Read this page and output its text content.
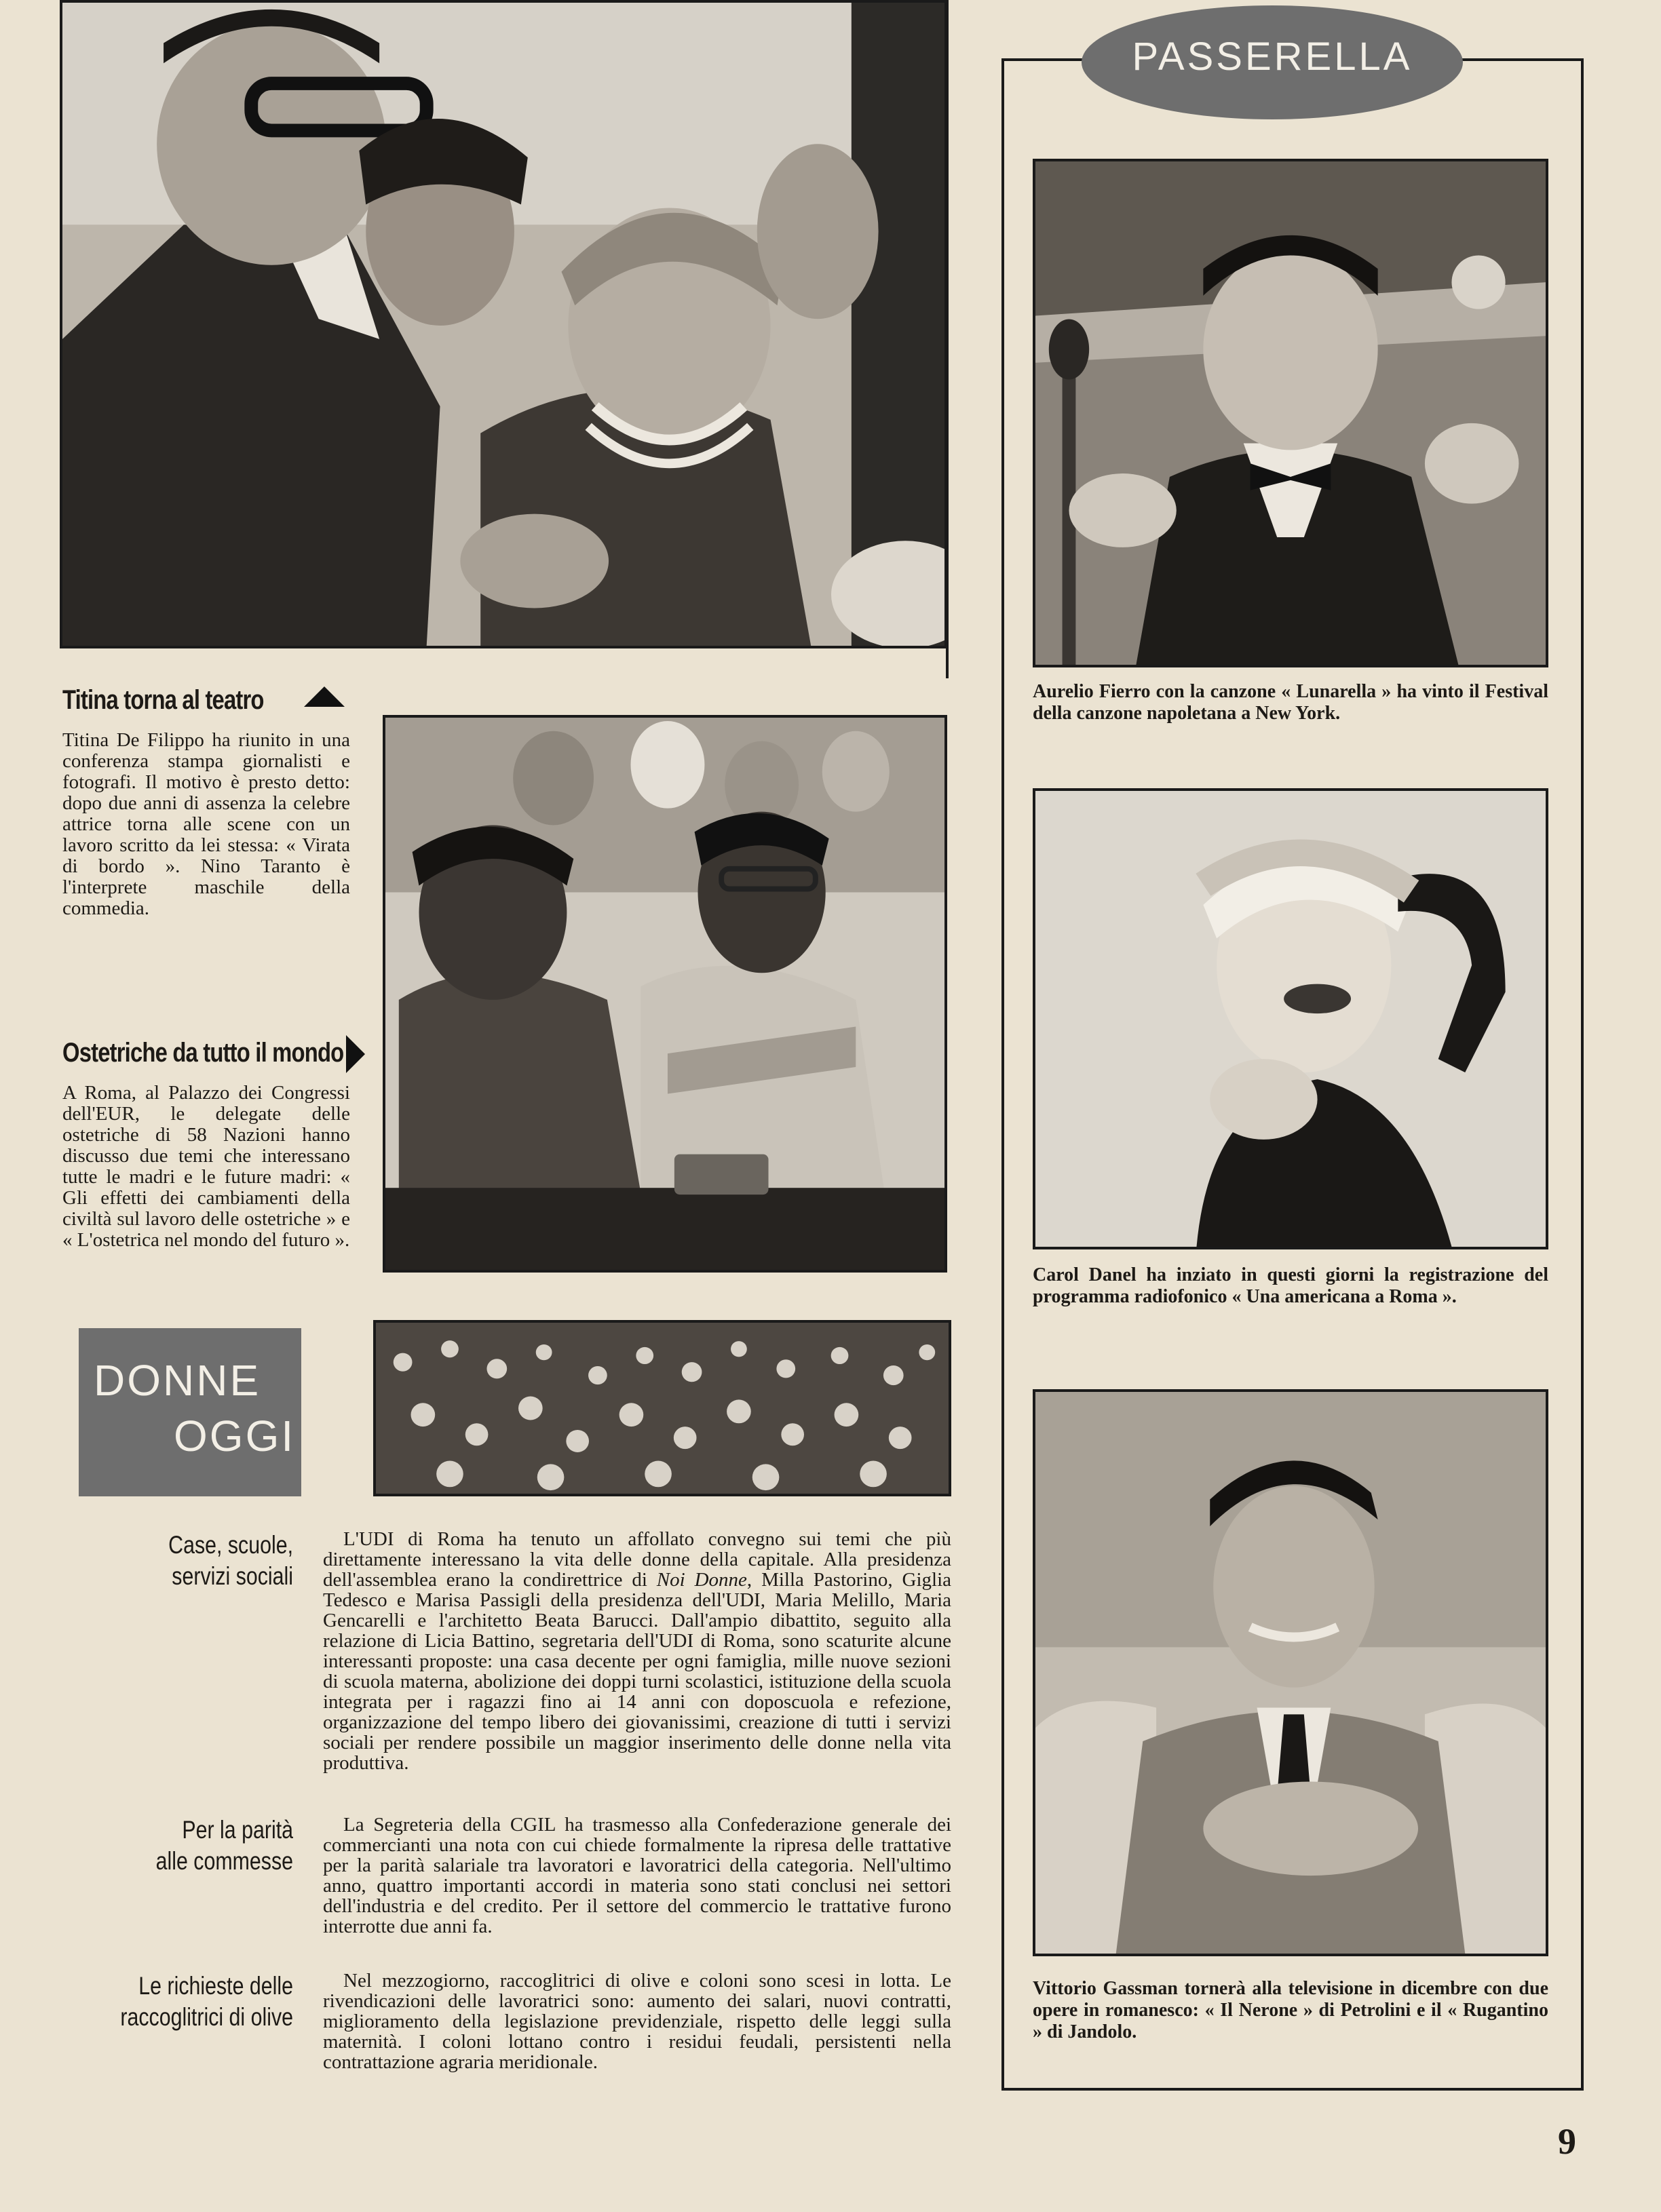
Titina torna al teatro
Titina De Filippo ha riunito in una conferenza stampa giornalisti e fotografi. Il motivo è presto detto: dopo due anni di assenza la celebre attrice torna alle scene con un lavoro scritto da lei stessa: « Virata di bordo ». Nino Taranto è l'interprete maschile della commedia.
Ostetriche da tutto il mondo
A Roma, al Palazzo dei Congressi dell'EUR, le delegate delle ostetriche di 58 Nazioni hanno discusso due temi che interessano tutte le madri e le future madri: « Gli effetti dei cambiamenti della civiltà sul lavoro delle ostetriche » e « L'ostetrica nel mondo del futuro ».
DONNE
OGGI
Case, scuole,
servizi sociali
Per la parità
alle commesse
Le richieste delle
raccoglitrici di olive
L'UDI di Roma ha tenuto un affollato convegno sui temi che più direttamente interessano la vita delle donne della capitale. Alla presidenza dell'assemblea erano la condirettrice di Noi Donne, Milla Pastorino, Giglia Tedesco e Marisa Passigli della presidenza dell'UDI, Maria Melillo, Maria Gencarelli e l'architetto Beata Barucci. Dall'ampio dibattito, seguito alla relazione di Licia Battino, segretaria dell'UDI di Roma, sono scaturite alcune interessanti proposte: una casa decente per ogni famiglia, mille nuove sezioni di scuola materna, abolizione dei doppi turni scolastici, istituzione della scuola integrata per i ragazzi fino ai 14 anni con doposcuola e refezione, organizzazione del tempo libero dei giovanissimi, creazione di tutti i servizi sociali per rendere possibile un maggior inserimento delle donne nella vita produttiva.
La Segreteria della CGIL ha trasmesso alla Confederazione generale dei commercianti una nota con cui chiede formalmente la ripresa delle trattative per la parità salariale tra lavoratori e lavoratrici della categoria. Nell'ultimo anno, quattro importanti accordi in materia sono stati conclusi nei settori dell'industria e del credito. Per il settore del commercio le trattative furono interrotte due anni fa.
Nel mezzogiorno, raccoglitrici di olive e coloni sono scesi in lotta. Le rivendicazioni delle lavoratrici sono: aumento dei salari, nuovi contratti, miglioramento della legislazione previdenziale, rispetto delle leggi sulla maternità. I coloni lottano contro i residui feudali, persistenti nella contrattazione agraria meridionale.
PASSERELLA
Aurelio Fierro con la canzone « Lunarella » ha vinto il Festival della canzone napoletana a New York.
Carol Danel ha inziato in questi giorni la registrazione del programma radiofonico « Una americana a Roma ».
Vittorio Gassman tornerà alla televisione in dicembre con due opere in romanesco: « Il Nerone » di Petrolini e il « Rugantino » di Jandolo.
9
